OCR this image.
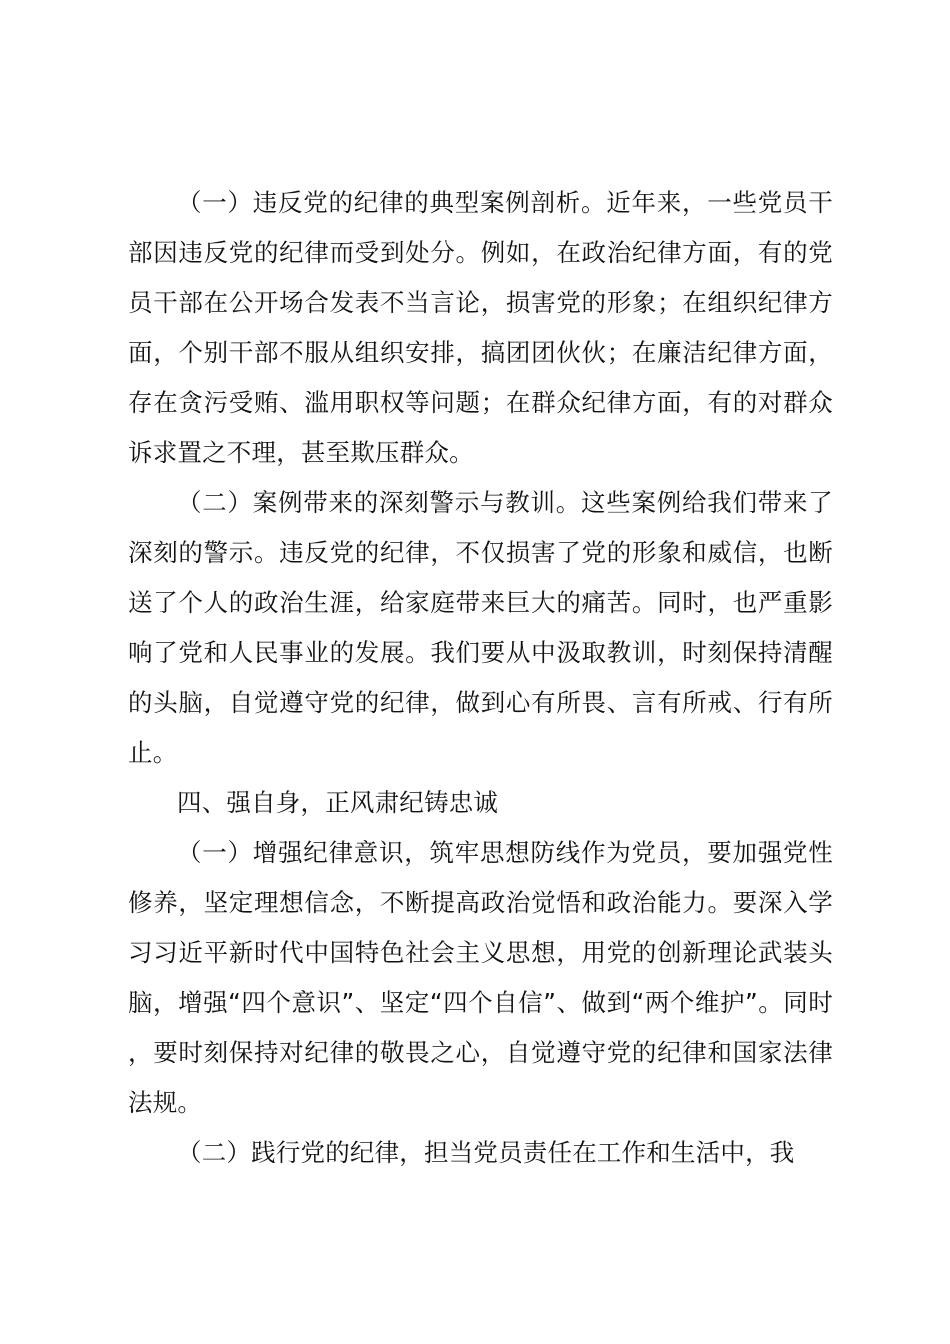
（一）违反党的纪律的典型案例剖析。近年来，一些党员干部因违反党的纪律而受到处分。例如，在政治纪律方面，有的党员干部在公开场合发表不当言论，损害党的形象；在组织纪律方面，个别干部不服从组织安排，搞团团伙伙；在廉洁纪律方面，存在贪污受贿、滥用职权等问题；在群众纪律方面，有的对群众诉求置之不理，甚至欺压群众。

（二）案例带来的深刻警示与教训。这些案例给我们带来了深刻的警示。违反党的纪律，不仅损害了党的形象和威信，也断送了个人的政治生涯，给家庭带来巨大的痛苦。同时，也严重影响了党和人民事业的发展。我们要从中汲取教训，时刻保持清醒的头脑，自觉遵守党的纪律，做到心有所畏、言有所戒、行有所止。

四、强自身，正风肃纪铸忠诚

（一）增强纪律意识，筑牢思想防线作为党员，要加强党性修养，坚定理想信念，不断提高政治觉悟和政治能力。要深入学习习近平新时代中国特色社会主义思想，用党的创新理论武装头脑，增强“四个意识”、坚定“四个自信”、做到“两个维护”。同时，要时刻保持对纪律的敬畏之心，自觉遵守党的纪律和国家法律法规。

（二）践行党的纪律，担当党员责任在工作和生活中，我
